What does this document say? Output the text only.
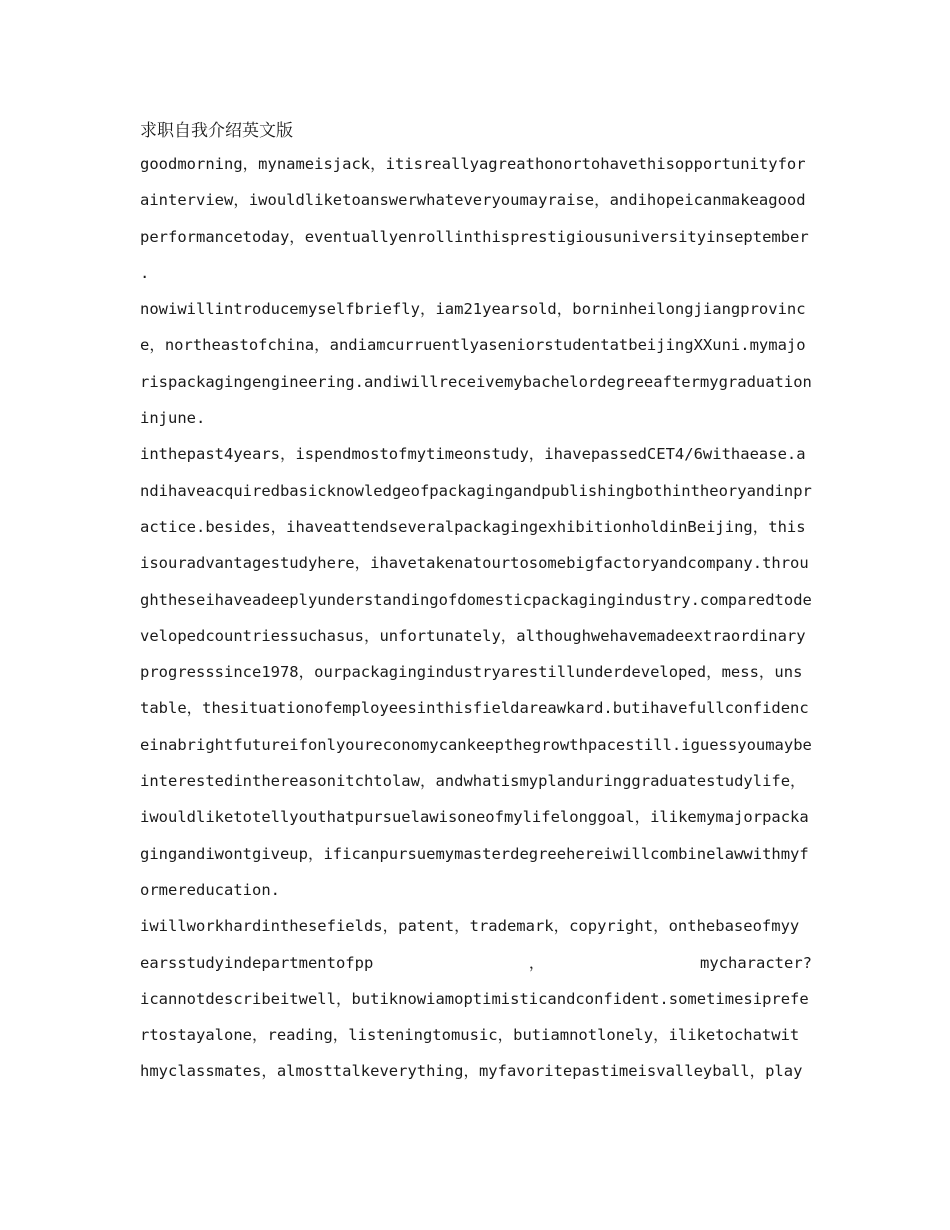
求职自我介绍英文版
goodmorning，mynameisjack，itisreallyagreathonortohavethisopportunityfor
ainterview，iwouldliketoanswerwhateveryoumayraise，andihopeicanmakeagood
performancetoday，eventuallyenrollinthisprestigiousuniversityinseptember
.
nowiwillintroducemyselfbriefly，iam21yearsold，borninheilongjiangprovinc
e，northeastofchina，andiamcurruentlyaseniorstudentatbeijingXXuni.mymajo
rispackagingengineering.andiwillreceivemybachelordegreeaftermygraduation
injune.
inthepast4years，ispendmostofmytimeonstudy，ihavepassedCET4/6withaease.a
ndihaveacquiredbasicknowledgeofpackagingandpublishingbothintheoryandinpr
actice.besides，ihaveattendseveralpackagingexhibitionholdinBeijing，this
isouradvantagestudyhere，ihavetakenatourtosomebigfactoryandcompany.throu
ghtheseihaveadeeplyunderstandingofdomesticpackagingindustry.comparedtode
velopedcountriessuchasus，unfortunately，althoughwehavemadeextraordinary
progresssince1978，ourpackagingindustryarestillunderdeveloped，mess，uns
table，thesituationofemployeesinthisfieldareawkard.butihavefullconfidenc
einabrightfutureifonlyoureconomycankeepthegrowthpacestill.iguessyoumaybe
interestedinthereasonitchtolaw，andwhatismyplanduringgraduatestudylife，
iwouldliketotellyouthatpursuelawisoneofmylifelonggoal，ilikemymajorpacka
gingandiwontgiveup，ificanpursuemymasterdegreehereiwillcombinelawwithmyf
ormereducation.
iwillworkhardinthesefields，patent，trademark，copyright，onthebaseofmyy
earsstudyindepartmentofpp	，	mycharacter?
icannotdescribeitwell，butiknowiamoptimisticandconfident.sometimesiprefe
rtostayalone，reading，listeningtomusic，butiamnotlonely，iliketochatwit
hmyclassmates，almosttalkeverything，myfavoritepastimeisvalleyball，play
